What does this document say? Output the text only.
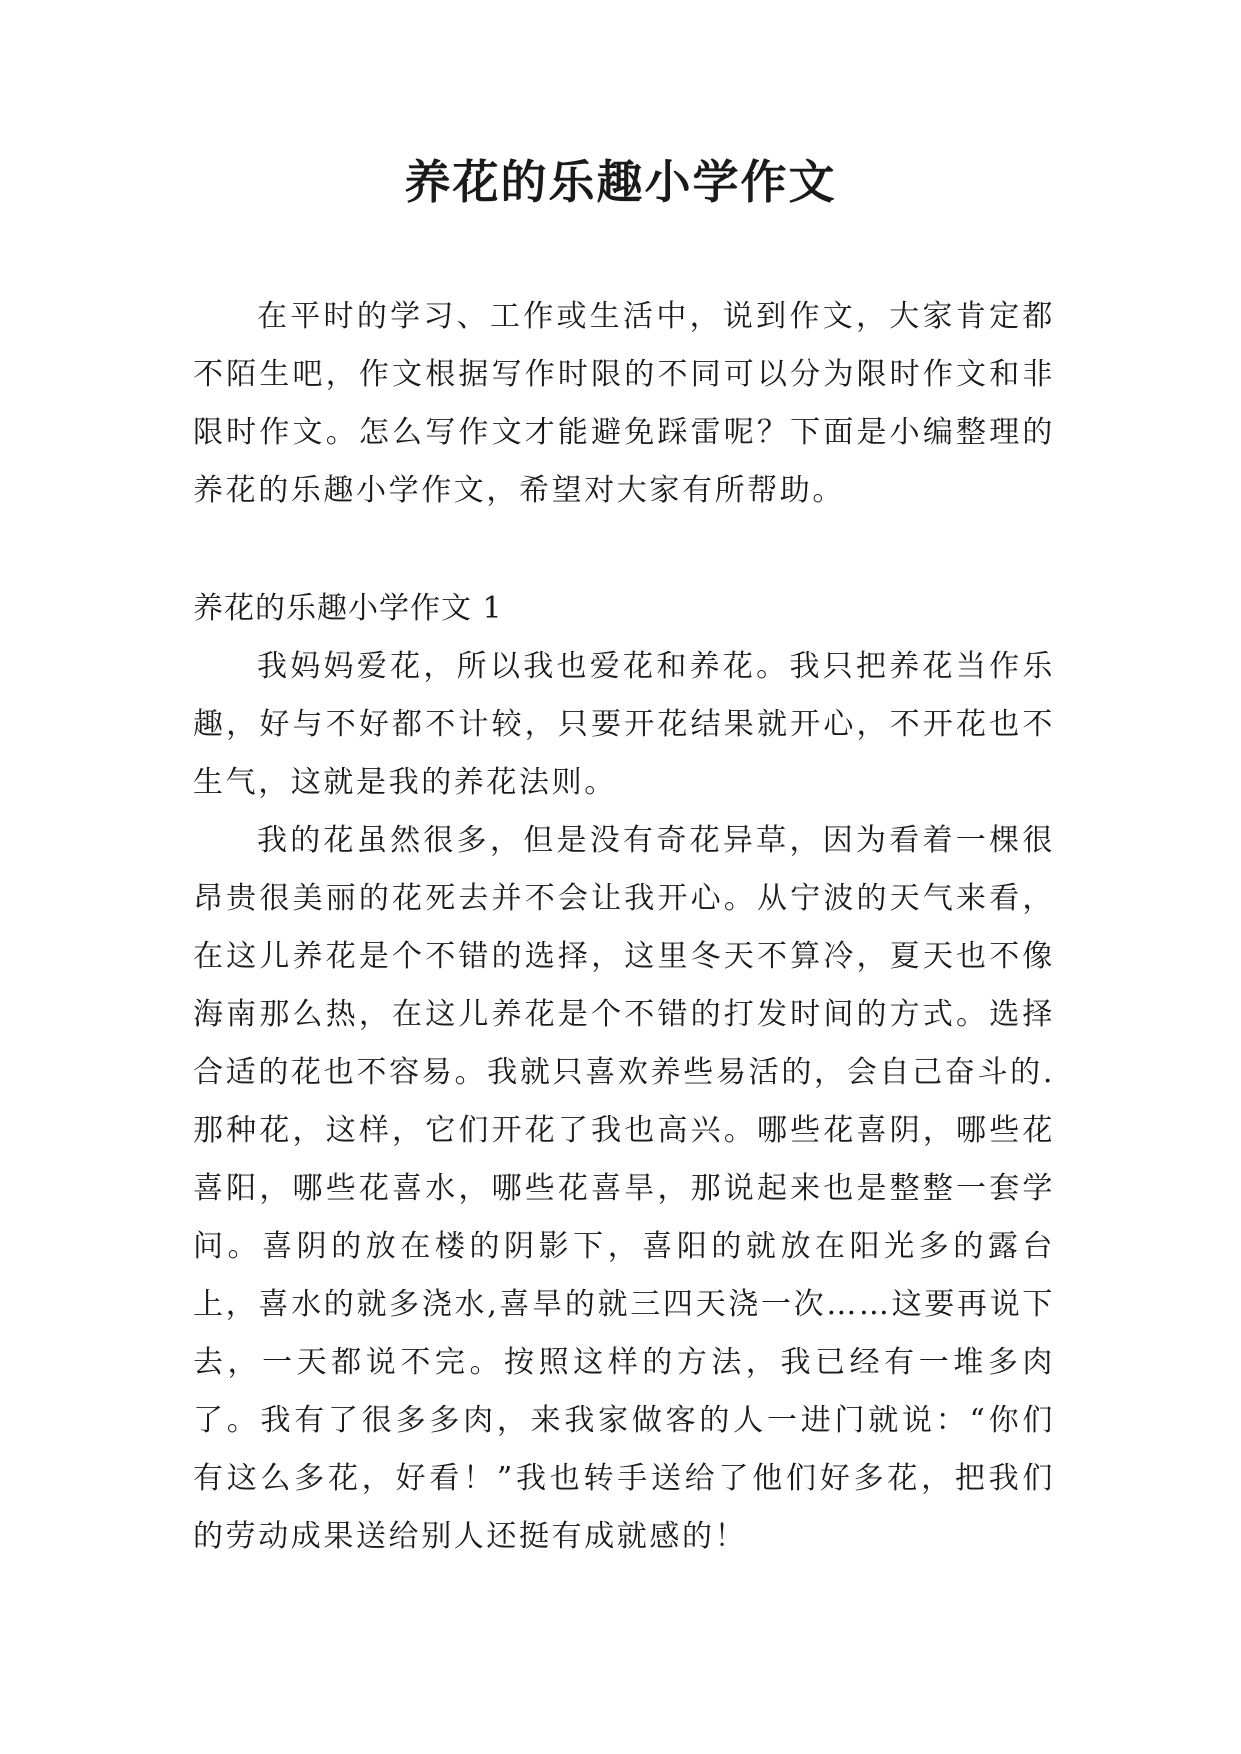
养花的乐趣小学作文

在平时的学习、工作或生活中，说到作文，大家肯定都不陌生吧，作文根据写作时限的不同可以分为限时作文和非限时作文。怎么写作文才能避免踩雷呢？下面是小编整理的养花的乐趣小学作文，希望对大家有所帮助。

养花的乐趣小学作文 1

我妈妈爱花，所以我也爱花和养花。我只把养花当作乐趣，好与不好都不计较，只要开花结果就开心，不开花也不生气，这就是我的养花法则。

我的花虽然很多，但是没有奇花异草，因为看着一棵很昂贵很美丽的花死去并不会让我开心。从宁波的天气来看，在这儿养花是个不错的选择，这里冬天不算冷，夏天也不像海南那么热，在这儿养花是个不错的打发时间的方式。选择合适的花也不容易。我就只喜欢养些易活的，会自己奋斗的.那种花，这样，它们开花了我也高兴。哪些花喜阴，哪些花喜阳，哪些花喜水，哪些花喜旱，那说起来也是整整一套学问。喜阴的放在楼的阴影下，喜阳的就放在阳光多的露台上，喜水的就多浇水,喜旱的就三四天浇一次……这要再说下去，一天都说不完。按照这样的方法，我已经有一堆多肉了。我有了很多多肉，来我家做客的人一进门就说：“你们有这么多花，好看！”我也转手送给了他们好多花，把我们的劳动成果送给别人还挺有成就感的！
